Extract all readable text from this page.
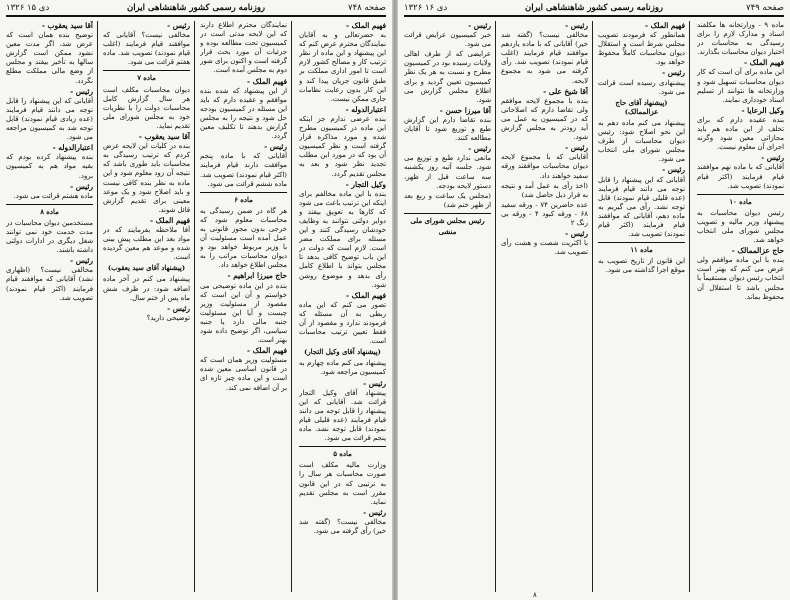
صفحه ۷۴۸
روزنامه رسمی کشور شاهنشاهی ایران
۱۳۲۶ دی ۱۵

فهیم الملک -

به حضرتعالی و به آقایان نمایندگان محترم عرض کنم که این پیشنهاد و این ماده از نظر ترتیب کار و مصالح کشور لازم است تا امور اداری مملکت بر طبق قانون جریان پیدا کند و این کار بدون رعایت نظامات جاری ممکن نیست.

اعتبارالدوله -

بنده عرضی ندارم جز اینکه این ماده در کمیسیون مطرح شده و مورد مذاکره قرار گرفته است و نظر کمیسیون آن بود که در مورد این مطلب تجدید نظر شود و بعد به مجلس تقدیم گردد.

وکیل التجار -

بنده با این ماده مخالفم برای اینکه این ترتیب باعث می شود که کارها به تعویق بیفتد و دوایر دولتی نتوانند به وظایف خودشان رسیدگی کنند و این مسئله برای مملکت مضر است. لازم است که دولت در این باب توضیح کافی بدهد تا مجلس بتواند با اطلاع کامل رأی بدهد و موضوع روشن شود.

فهیم الملک -

تصور می کنم که این ماده ربطی به آن مسئله که فرمودند ندارد و مقصود از آن فقط تعیین ترتیب محاسبات است.

(پیشنهاد آقای وکیل التجار)

پیشنهاد می کنم ماده چهارم به کمیسیون مراجعه شود.

رئیس -

پیشنهاد آقای وکیل التجار قرائت شد. آقایانی که این پیشنهاد را قابل توجه می دانند قیام فرمایند (عده قلیلی قیام نمودند) قابل توجه نشد. ماده پنجم قرائت می شود.

ماده ۵

وزارت مالیه مکلف است صورت محاسبات هر سال را به ترتیبی که در این قانون مقرر است به مجلس تقدیم نماید.

رئیس -

مخالفی نیست؟ (گفته شد خیر) رأی گرفته می شود.

نمایندگان محترم اطلاع دارند که این لایحه مدتی است در کمیسیون تحت مطالعه بوده و جزئیات آن مورد بحث قرار گرفته است و اکنون برای شور دوم به مجلس آمده است.

فهیم الملک -

از این پیشنهاد که شده بنده موافقم و عقیده دارم که باید این مسئله در کمیسیون بودجه حل شود و نتیجه را به مجلس گزارش بدهند تا تکلیف معین گردد.

رئیس -

آقایانی که با ماده پنجم موافقت دارند قیام فرمایند (اکثر قیام نمودند) تصویب شد. ماده ششم قرائت می شود.

ماده ۶

هر گاه در ضمن رسیدگی به محاسبات معلوم شود که خرجی بدون مجوز قانونی به عمل آمده است مسئولیت آن با وزیر مربوط خواهد بود و دیوان محاسبات مراتب را به مجلس اطلاع خواهد داد.

حاج میرزا ابراهیم -

بنده در این ماده توضیحی می خواستم و آن این است که مقصود از مسئولیت وزیر چیست و آیا این مسئولیت جنبه مالی دارد یا جنبه سیاسی، اگر توضیح داده شود بهتر است.

فهیم الملک -

مسئولیت وزیر همان است که در قانون اساسی معین شده است و این ماده چیز تازه ای بر آن اضافه نمی کند.

رئیس -

مخالفی نیست؟ آقایانی که موافقند قیام فرمایند (اغلب قیام نمودند) تصویب شد. ماده هفتم قرائت می شود.

ماده ۷

دیوان محاسبات مکلف است هر سال گزارش کامل محاسبات دولت را با نظریات خود به مجلس شورای ملی تقدیم نماید.

آقا سید یعقوب -

بنده در کلیات این لایحه عرض کردم که ترتیب رسیدگی به محاسبات باید طوری باشد که نتیجه آن زود معلوم شود و این ماده به نظر بنده کافی نیست و باید اصلاح شود و یک موعد معینی برای تقدیم گزارش قائل شوند.

فهیم الملک -

آقا ملاحظه بفرمایند که در مواد بعد این مطلب پیش بینی شده و موعد هم معین گردیده است.

(پیشنهاد آقای سید یعقوب)

پیشنهاد می کنم در آخر ماده اضافه شود: در ظرف شش ماه پس از ختم سال.

رئیس -

توضیحی دارید؟

آقا سید یعقوب -

توضیح بنده همان است که عرض شد، اگر مدت معین نشود ممکن است گزارش سالها به تأخیر بیفتد و مجلس از وضع مالی مملکت مطلع نگردد.

رئیس -

آقایانی که این پیشنهاد را قابل توجه می دانند قیام فرمایند (عده زیادی قیام نمودند) قابل توجه شد به کمیسیون مراجعه می شود.

اعتبارالدوله -

بنده پیشنهاد کرده بودم که بقیه مواد هم به کمیسیون برود.

رئیس -

ماده هشتم قرائت می شود.

ماده ۸

مستخدمین دیوان محاسبات در مدت خدمت خود نمی توانند شغل دیگری در ادارات دولتی داشته باشند.

رئیس -

مخالفی نیست؟ (اظهاری نشد) آقایانی که موافقند قیام فرمایند (اکثر قیام نمودند) تصویب شد.

صفحه ۷۴۹
روزنامه رسمی کشور شاهنشاهی ایران
۱۳۲۶ دی ۱۶

ماده ۹ - وزارتخانه ها مکلفند اسناد و مدارک لازم را برای رسیدگی به محاسبات در اختیار دیوان محاسبات بگذارند.

فهیم الملک -

این ماده برای آن است که کار دیوان محاسبات تسهیل شود و وزارتخانه ها نتوانند از تسلیم اسناد خودداری نمایند.

وکیل الرعایا -

بنده عقیده دارم که برای تخلف از این ماده هم باید مجازاتی معین شود وگرنه اجرای آن معلوم نیست.

رئیس -

آقایانی که با ماده نهم موافقند قیام فرمایند (اکثر قیام نمودند) تصویب شد.

ماده ۱۰

رئیس دیوان محاسبات به پیشنهاد وزیر مالیه و تصویب مجلس شورای ملی انتخاب خواهد شد.

حاج عزالممالک -

بنده با این ماده موافقم ولی عرض می کنم که بهتر است انتخاب رئیس دیوان مستقیماً با مجلس باشد تا استقلال آن محفوظ بماند.

فهیم الملک -

همانطور که فرمودند تصویب مجلس شرط است و استقلال دیوان محاسبات کاملاً محفوظ خواهد بود.

رئیس -

پیشنهادی رسیده است قرائت می شود.

(پیشنهاد آقای حاج عزالممالک)

پیشنهاد می کنم ماده دهم به این نحو اصلاح شود: رئیس دیوان محاسبات از طرف مجلس شورای ملی انتخاب می شود.

رئیس -

آقایانی که این پیشنهاد را قابل توجه می دانند قیام فرمایند (عده قلیلی قیام نمودند) قابل توجه نشد. رأی می گیریم به ماده دهم، آقایانی که موافقند قیام فرمایند (اکثر قیام نمودند) تصویب شد.

ماده ۱۱

این قانون از تاریخ تصویب به موقع اجرا گذاشته می شود.

رئیس -

مخالفی نیست؟ (گفته شد خیر) آقایانی که با ماده یازدهم موافقند قیام فرمایند (اغلب قیام نمودند) تصویب شد. رأی گرفته می شود به مجموع لایحه.

آقا شیخ علی -

بنده با مجموع لایحه موافقم ولی تقاضا دارم که اصلاحاتی که در کمیسیون به عمل می آید زودتر به مجلس گزارش شود.

رئیس -

آقایانی که با مجموع لایحه دیوان محاسبات موافقند ورقه سفید خواهند داد.

(اخذ رأی به عمل آمد و نتیجه به قرار ذیل حاصل شد)

عده حاضرین ۷۴ - ورقه سفید ۶۸ - ورقه کبود ۴ - ورقه بی رنگ ۲

رئیس -

با اکثریت شصت و هشت رأی تصویب شد.

رئیس -

خبر کمیسیون عرایض قرائت می شود.

عرایضی که از طرف اهالی ولایات رسیده بود در کمیسیون مطرح و نسبت به هر یک نظر کمیسیون تعیین گردید و برای اطلاع مجلس گزارش می شود.

آقا میرزا حسن -

بنده تقاضا دارم این گزارش طبع و توزیع شود تا آقایان مطالعه کنند.

رئیس -

مانعی ندارد طبع و توزیع می شود. جلسه آتیه روز یکشنبه سه ساعت قبل از ظهر، دستور لایحه بودجه.

(مجلس یک ساعت و ربع بعد از ظهر ختم شد)

رئیس مجلس شورای ملی

منشی

۸
